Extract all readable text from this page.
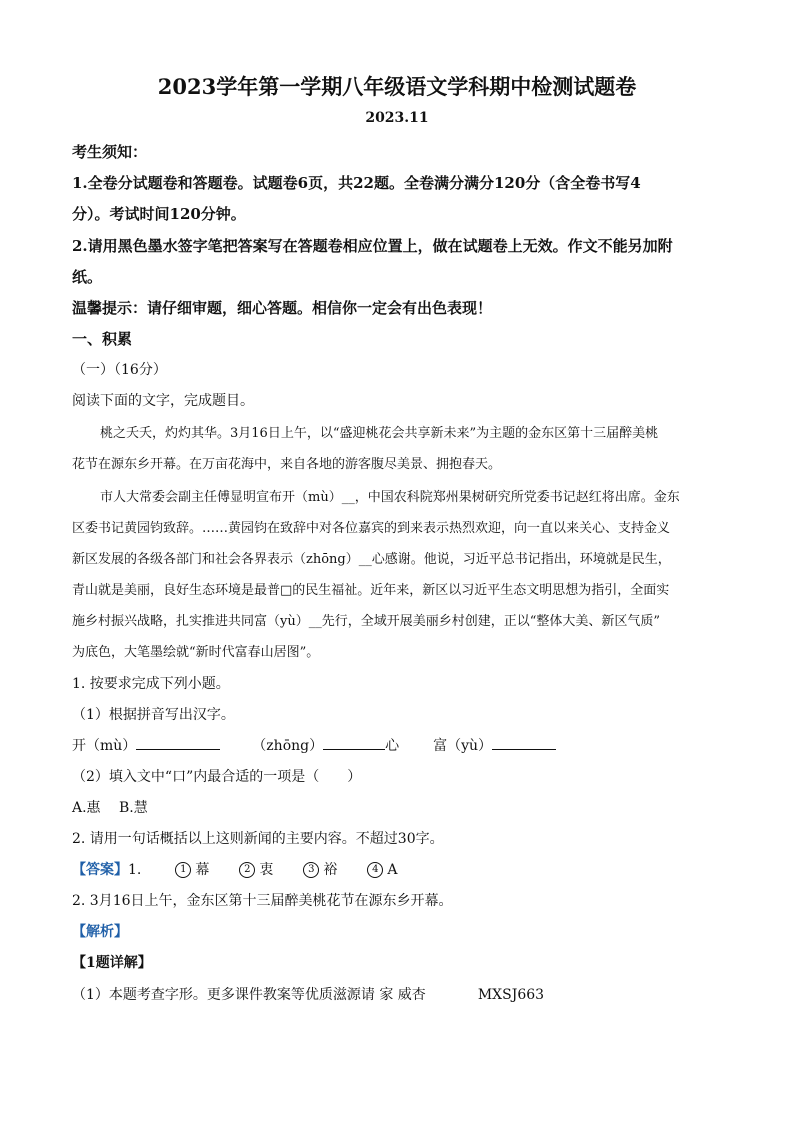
2023学年第一学期八年级语文学科期中检测试题卷
2023.11
考生须知：
1.全卷分试题卷和答题卷。试题卷6页，共22题。全卷满分满分120分（含全卷书写4
分）。考试时间120分钟。
2.请用黑色墨水签字笔把答案写在答题卷相应位置上，做在试题卷上无效。作文不能另加附
纸。
温馨提示：请仔细审题，细心答题。相信你一定会有出色表现！
一、积累
（一）（16分）
阅读下面的文字，完成题目。
桃之夭夭，灼灼其华。3月16日上午，以“盛迎桃花会共享新未来”为主题的金东区第十三届醉美桃
花节在源东乡开幕。在万亩花海中，来自各地的游客腹尽美景、拥抱春天。
市人大常委会副主任傅显明宣布开（mù）__，中国农科院郑州果树研究所党委书记赵红将出席。金东
区委书记黄园钧致辞。……黄园钧在致辞中对各位嘉宾的到来表示热烈欢迎，向一直以来关心、支持金义
新区发展的各级各部门和社会各界表示（zhōng）__心感谢。他说，习近平总书记指出，环境就是民生，
青山就是美丽，良好生态环境是最普□的民生福祉。近年来，新区以习近平生态文明思想为指引，全面实
施乡村振兴战略，扎实推进共同富（yù）__先行，全域开展美丽乡村创建，正以“整体大美、新区气质”
为底色，大笔墨绘就“新时代富春山居图”。
1. 按要求完成下列小题。
（1）根据拼音写出汉字。
开（mù）	（zhōng）	心 富（yù）
（2）填入文中“口”内最合适的一项是（　　）
A.惠　 B.慧
2. 请用一句话概括以上这则新闻的主要内容。不超过30字。
【答案】1.	1 幕	2 衷	3 裕	4 A
2. 3月16日上午，金东区第十三届醉美桃花节在源东乡开幕。
【解析】
【1题详解】
（1）本题考查字形。更多课件教案等优质滋源请 家 威杏	MXSJ663
